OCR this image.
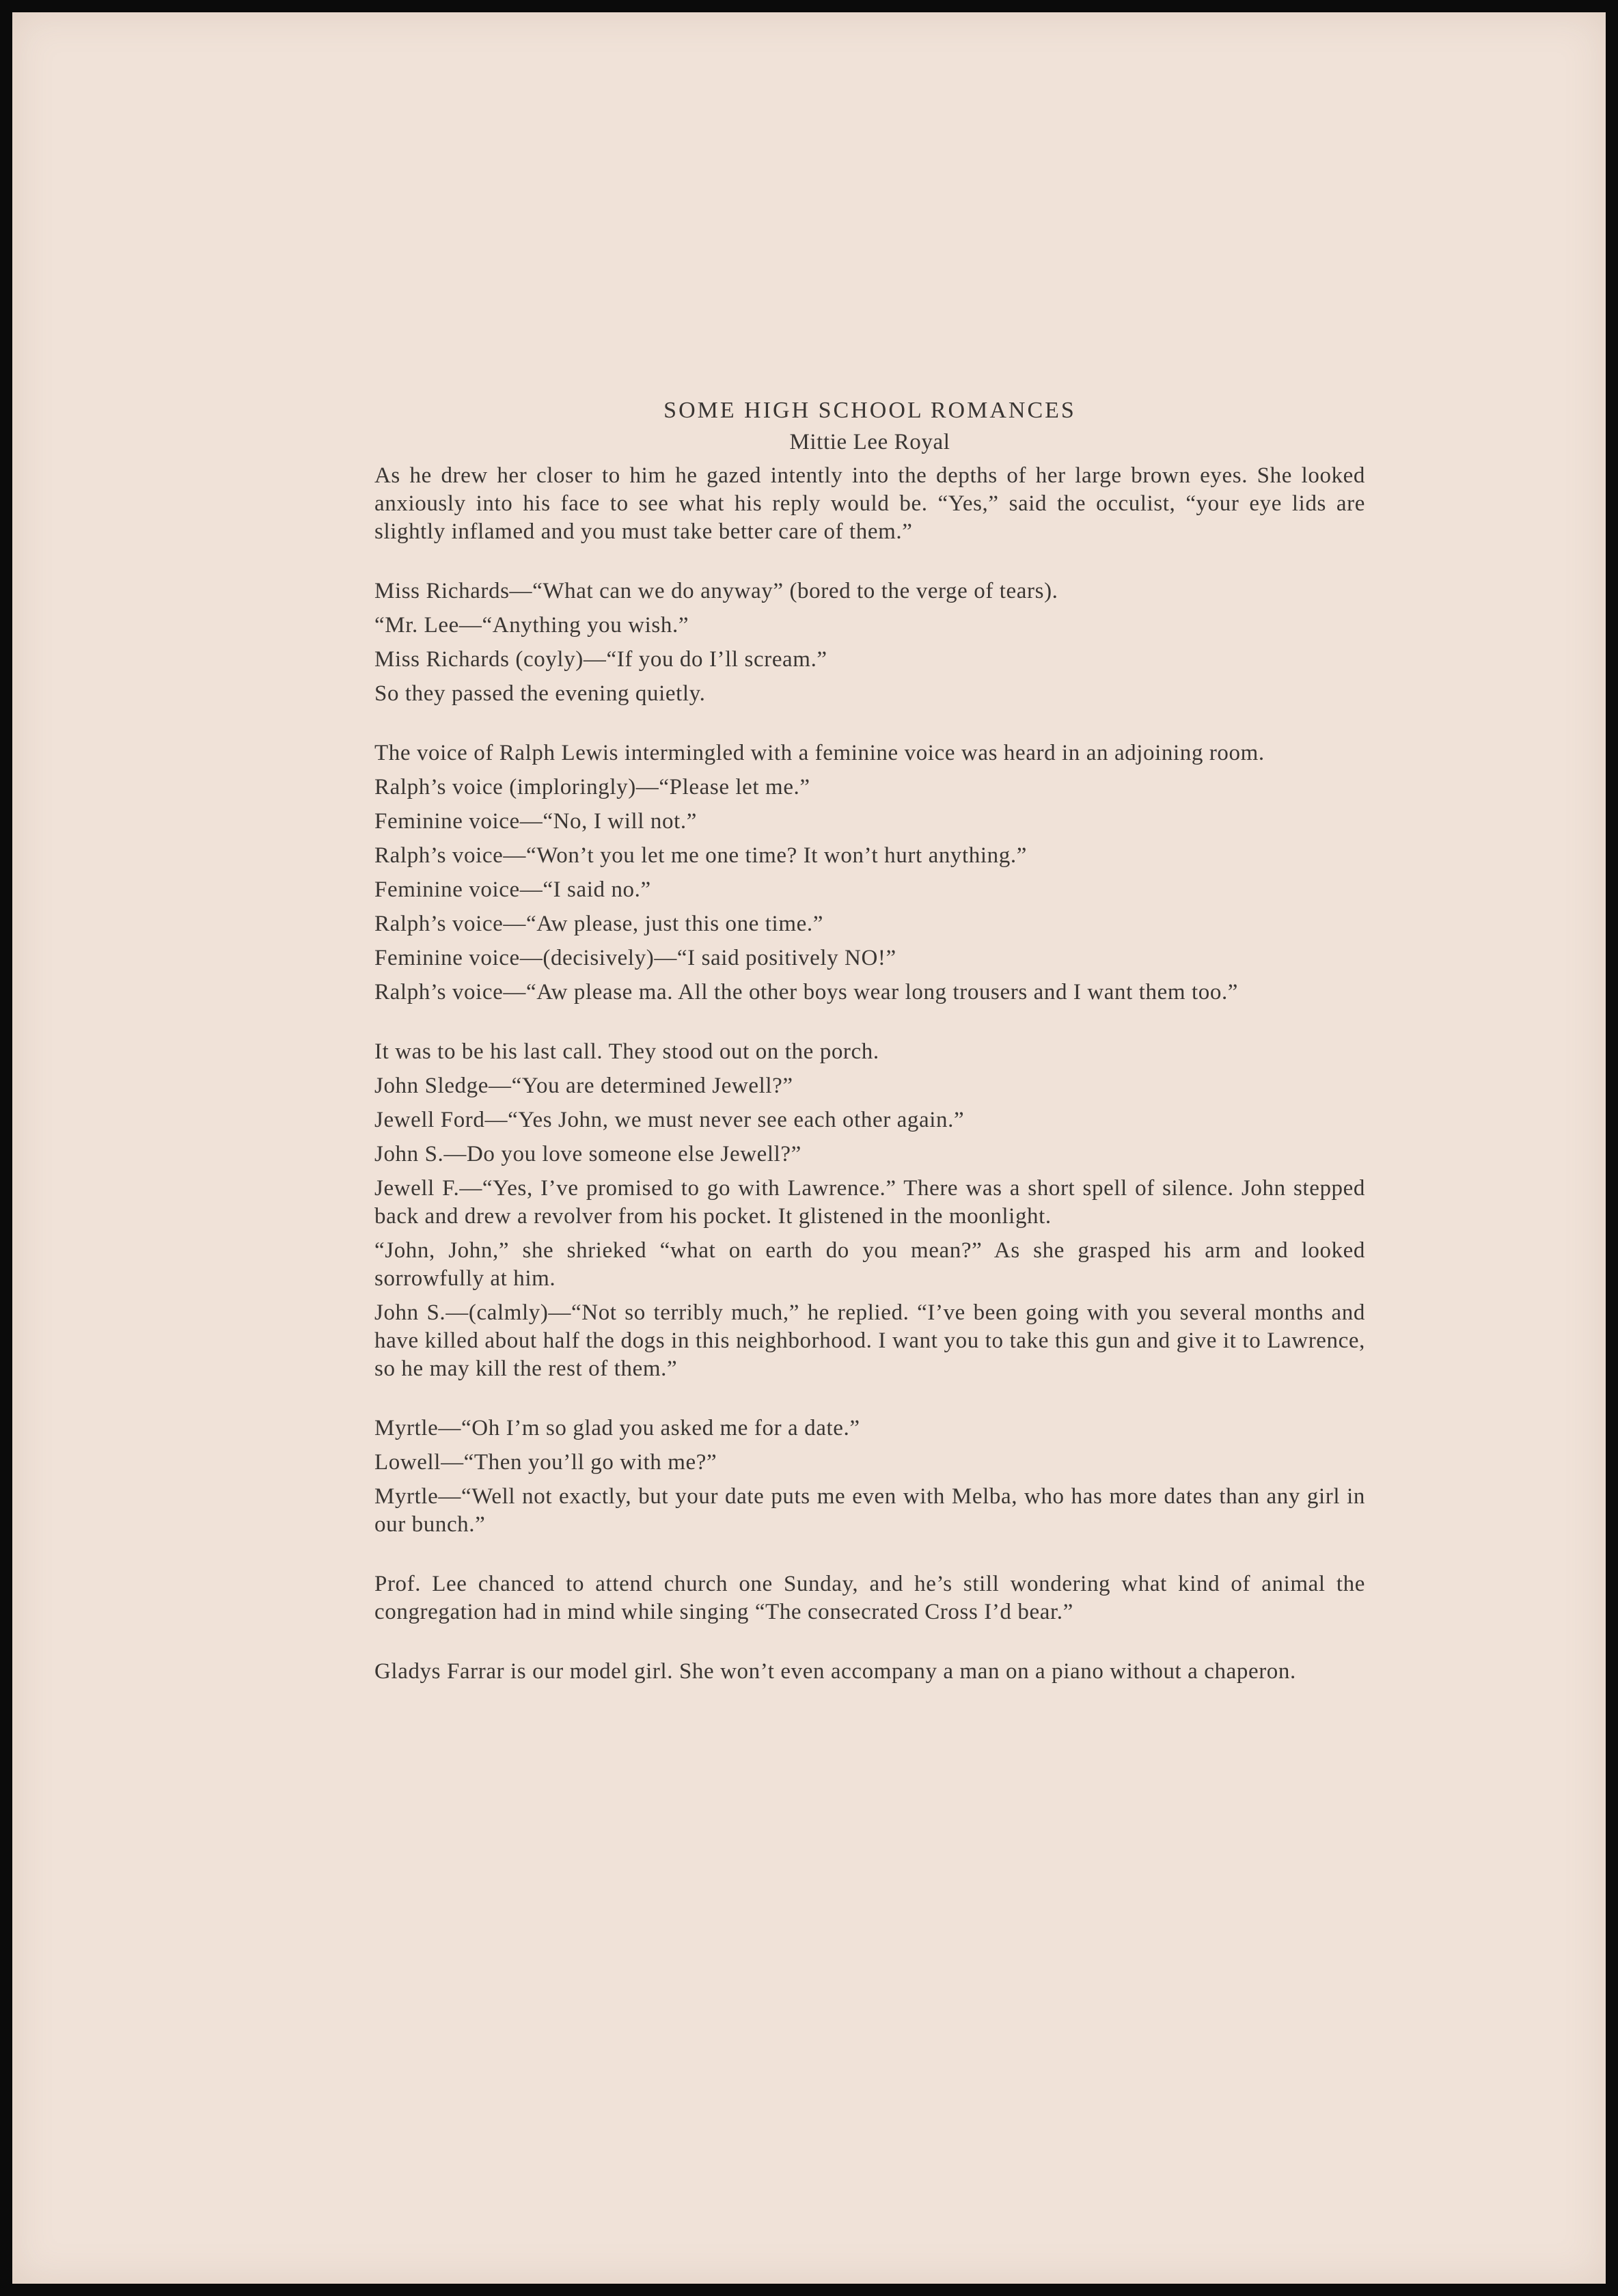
SOME HIGH SCHOOL ROMANCES
Mittie Lee Royal

As he drew her closer to him he gazed intently into the depths of her large brown eyes. She looked anxiously into his face to see what his reply would be. “Yes,” said the occulist, “your eye lids are slightly inflamed and you must take better care of them.”

Miss Richards—“What can we do anyway” (bored to the verge of tears).

“Mr. Lee—“Anything you wish.”

Miss Richards (coyly)—“If you do I’ll scream.”

So they passed the evening quietly.

The voice of Ralph Lewis intermingled with a feminine voice was heard in an adjoining room.

Ralph’s voice (imploringly)—“Please let me.”

Feminine voice—“No, I will not.”

Ralph’s voice—“Won’t you let me one time? It won’t hurt anything.”

Feminine voice—“I said no.”

Ralph’s voice—“Aw please, just this one time.”

Feminine voice—(decisively)—“I said positively NO!”

Ralph’s voice—“Aw please ma. All the other boys wear long trousers and I want them too.”

It was to be his last call. They stood out on the porch.

John Sledge—“You are determined Jewell?”

Jewell Ford—“Yes John, we must never see each other again.”

John S.—Do you love someone else Jewell?”

Jewell F.—“Yes, I’ve promised to go with Lawrence.” There was a short spell of silence. John stepped back and drew a revolver from his pocket. It glistened in the moonlight.

“John, John,” she shrieked “what on earth do you mean?” As she grasped his arm and looked sorrowfully at him.

John S.—(calmly)—“Not so terribly much,” he replied. “I’ve been going with you several months and have killed about half the dogs in this neighborhood. I want you to take this gun and give it to Lawrence, so he may kill the rest of them.”

Myrtle—“Oh I’m so glad you asked me for a date.”

Lowell—“Then you’ll go with me?”

Myrtle—“Well not exactly, but your date puts me even with Melba, who has more dates than any girl in our bunch.”

Prof. Lee chanced to attend church one Sunday, and he’s still wondering what kind of animal the congregation had in mind while singing “The consecrated Cross I’d bear.”

Gladys Farrar is our model girl. She won’t even accompany a man on a piano without a chaperon.
